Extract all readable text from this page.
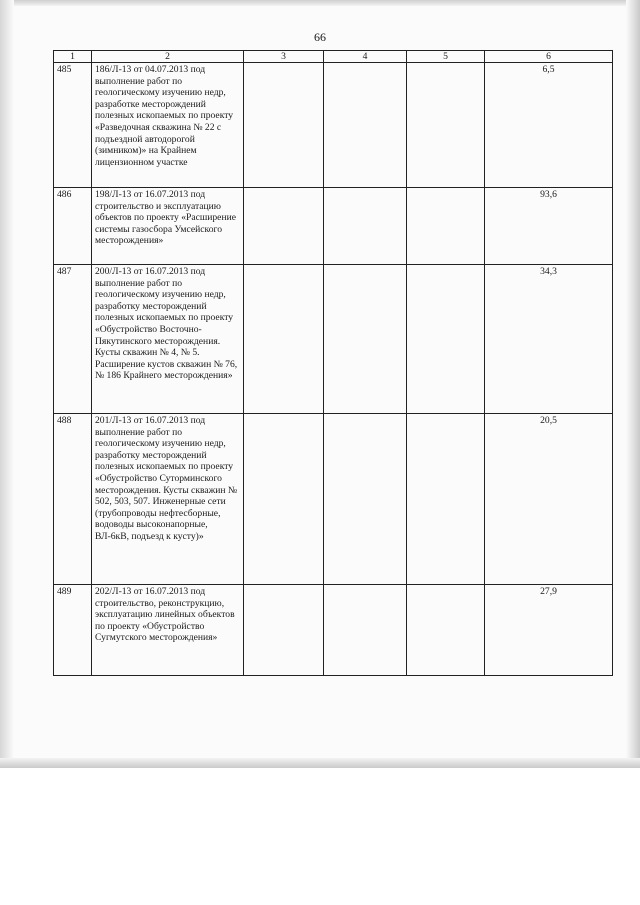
66
1	2	3	4	5	6
485	186/Л-13 от 04.07.2013 под выполнение работ по геологическому изучению недр, разработке месторождений полезных ископаемых по проекту «Разведочная скважина № 22 с подъездной автодорогой (зимником)» на Крайнем лицензионном участке				6,5
486	198/Л-13 от 16.07.2013 под строительство и эксплуатацию объектов по проекту «Расширение системы газосбора Умсейского месторождения»				93,6
487	200/Л-13 от 16.07.2013 под выполнение работ по геологическому изучению недр, разработку месторождений полезных ископаемых по проекту «Обустройство Восточно-Пякутинского месторождения. Кусты скважин № 4, № 5. Расширение кустов скважин № 76, № 186 Крайнего месторождения»				34,3
488	201/Л-13 от 16.07.2013 под выполнение работ по геологическому изучению недр, разработку месторождений полезных ископаемых по проекту «Обустройство Суторминского месторождения. Кусты скважин № 502, 503, 507. Инженерные сети (трубопроводы нефтесборные, водоводы высоконапорные, ВЛ-6кВ, подъезд к кусту)»				20,5
489	202/Л-13 от 16.07.2013 под строительство, реконструкцию, эксплуатацию линейных объектов по проекту «Обустройство Сугмутского месторождения»				27,9
